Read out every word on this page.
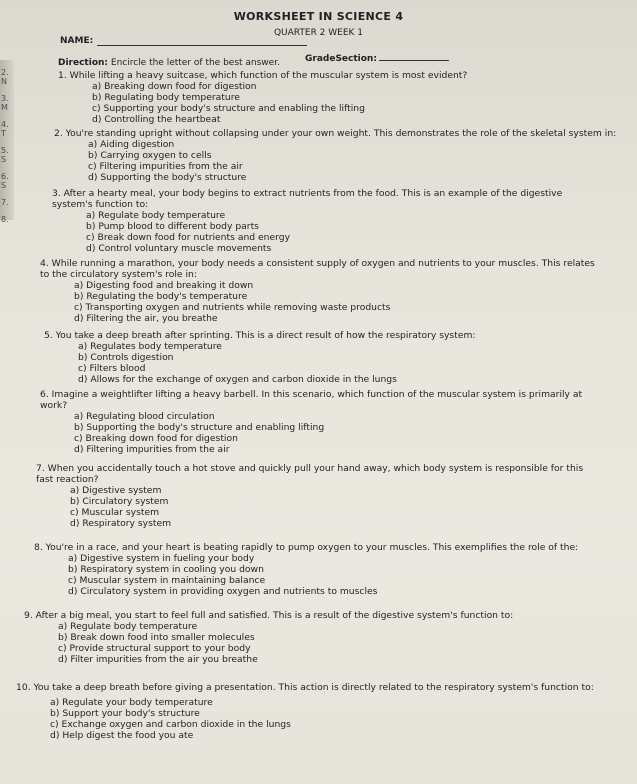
2. N
3. M
4. T
5. S
6. S
7.
8.
WORKSHEET IN SCIENCE 4
QUARTER 2 WEEK 1
NAME:
GradeSection:
Direction: Encircle the letter of the best answer.
1. While lifting a heavy suitcase, which function of the muscular system is most evident?
a) Breaking down food for digestion
b) Regulating body temperature
c) Supporting your body's structure and enabling the lifting
d) Controlling the heartbeat
2. You're standing upright without collapsing under your own weight. This demonstrates the role of the skeletal system in:
a) Aiding digestion
b) Carrying oxygen to cells
c) Filtering impurities from the air
d) Supporting the body's structure
3. After a hearty meal, your body begins to extract nutrients from the food. This is an example of the digestive system's function to:
a) Regulate body temperature
b) Pump blood to different body parts
c) Break down food for nutrients and energy
d) Control voluntary muscle movements
4. While running a marathon, your body needs a consistent supply of oxygen and nutrients to your muscles. This relates to the circulatory system's role in:
a) Digesting food and breaking it down
b) Regulating the body's temperature
c) Transporting oxygen and nutrients while removing waste products
d) Filtering the air, you breathe
5. You take a deep breath after sprinting. This is a direct result of how the respiratory system:
a) Regulates body temperature
b) Controls digestion
c) Filters blood
d) Allows for the exchange of oxygen and carbon dioxide in the lungs
6. Imagine a weightlifter lifting a heavy barbell. In this scenario, which function of the muscular system is primarily at work?
a) Regulating blood circulation
b) Supporting the body's structure and enabling lifting
c) Breaking down food for digestion
d) Filtering impurities from the air
7. When you accidentally touch a hot stove and quickly pull your hand away, which body system is responsible for this fast reaction?
a) Digestive system
b) Circulatory system
c) Muscular system
d) Respiratory system
8. You're in a race, and your heart is beating rapidly to pump oxygen to your muscles. This exemplifies the role of the:
a) Digestive system in fueling your body
b) Respiratory system in cooling you down
c) Muscular system in maintaining balance
d) Circulatory system in providing oxygen and nutrients to muscles
9. After a big meal, you start to feel full and satisfied. This is a result of the digestive system's function to:
a) Regulate body temperature
b) Break down food into smaller molecules
c) Provide structural support to your body
d) Filter impurities from the air you breathe
10. You take a deep breath before giving a presentation. This action is directly related to the respiratory system's function to:
a) Regulate your body temperature
b) Support your body's structure
c) Exchange oxygen and carbon dioxide in the lungs
d) Help digest the food you ate
